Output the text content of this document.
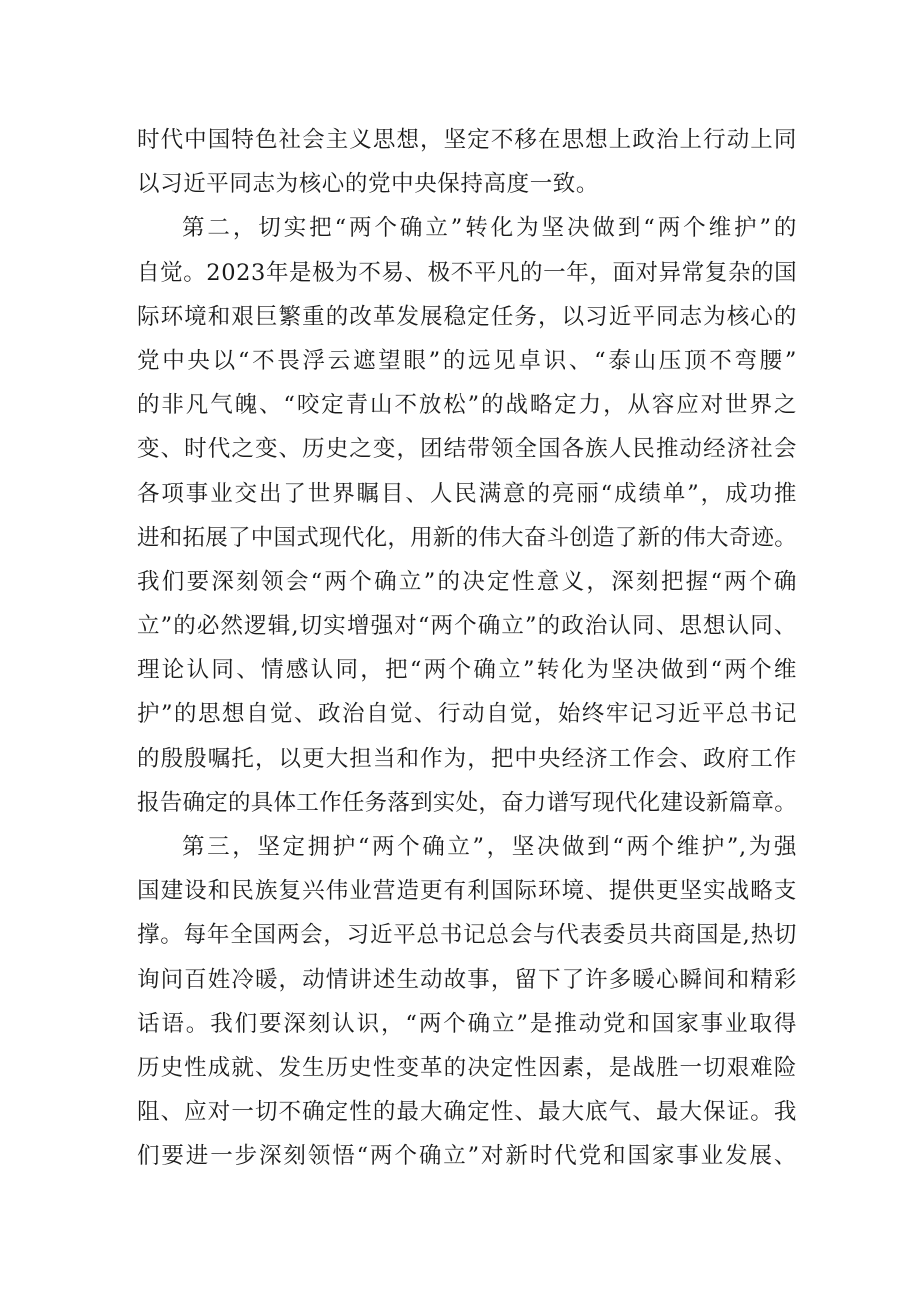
时代中国特色社会主义思想，坚定不移在思想上政治上行动上同
以习近平同志为核心的党中央保持高度一致。
第二，切实把“两个确立”转化为坚决做到“两个维护”的
自觉。2023年是极为不易、极不平凡的一年，面对异常复杂的国
际环境和艰巨繁重的改革发展稳定任务，以习近平同志为核心的
党中央以“不畏浮云遮望眼”的远见卓识、“泰山压顶不弯腰”
的非凡气魄、“咬定青山不放松”的战略定力，从容应对世界之
变、时代之变、历史之变，团结带领全国各族人民推动经济社会
各项事业交出了世界瞩目、人民满意的亮丽“成绩单”，成功推
进和拓展了中国式现代化，用新的伟大奋斗创造了新的伟大奇迹。
我们要深刻领会“两个确立”的决定性意义，深刻把握“两个确
立”的必然逻辑,切实增强对“两个确立”的政治认同、思想认同、
理论认同、情感认同，把“两个确立”转化为坚决做到“两个维
护”的思想自觉、政治自觉、行动自觉，始终牢记习近平总书记
的殷殷嘱托，以更大担当和作为，把中央经济工作会、政府工作
报告确定的具体工作任务落到实处，奋力谱写现代化建设新篇章。
第三，坚定拥护“两个确立”，坚决做到“两个维护”,为强
国建设和民族复兴伟业营造更有利国际环境、提供更坚实战略支
撑。每年全国两会，习近平总书记总会与代表委员共商国是,热切
询问百姓冷暖，动情讲述生动故事，留下了许多暖心瞬间和精彩
话语。我们要深刻认识，“两个确立”是推动党和国家事业取得
历史性成就、发生历史性变革的决定性因素，是战胜一切艰难险
阻、应对一切不确定性的最大确定性、最大底气、最大保证。我
们要进一步深刻领悟“两个确立”对新时代党和国家事业发展、
